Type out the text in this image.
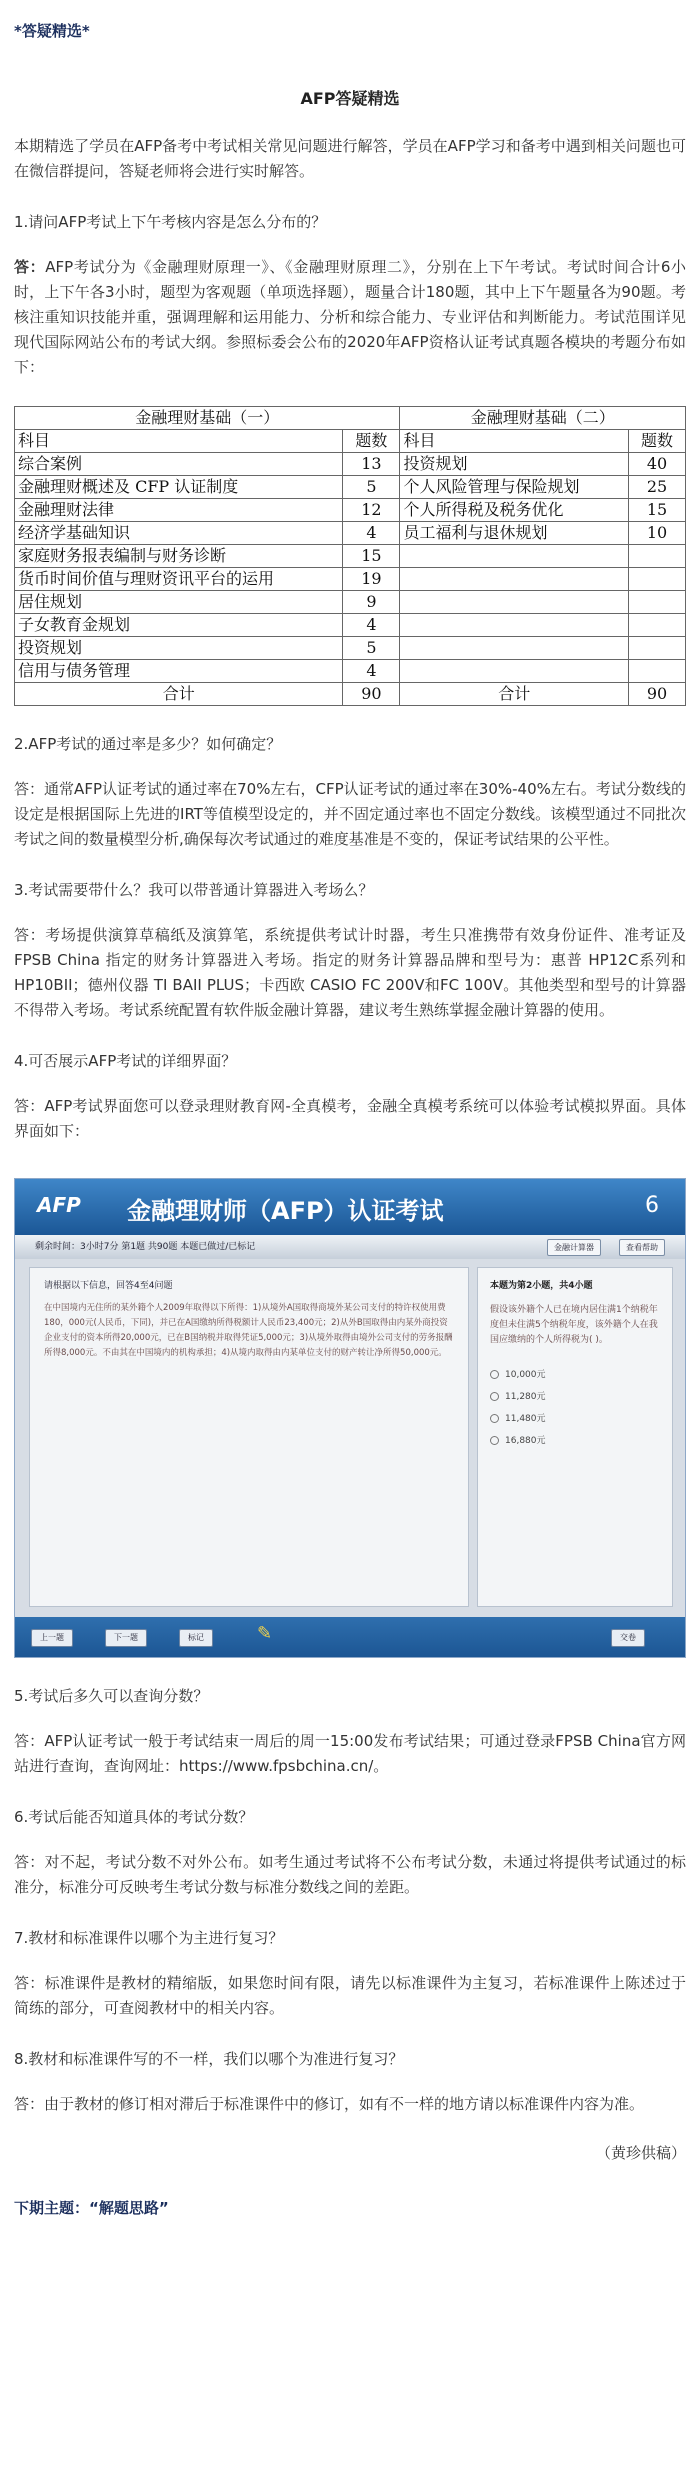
*答疑精选*
AFP答疑精选

本期精选了学员在AFP备考中考试相关常见问题进行解答，学员在AFP学习和备考中遇到相关问题也可在微信群提问，答疑老师将会进行实时解答。

1.请问AFP考试上下午考核内容是怎么分布的？

答：AFP考试分为《金融理财原理一》、《金融理财原理二》，分别在上下午考试。考试时间合计6小时，上下午各3小时，题型为客观题（单项选择题），题量合计180题，其中上下午题量各为90题。考核注重知识技能并重，强调理解和运用能力、分析和综合能力、专业评估和判断能力。考试范围详见现代国际网站公布的考试大纲。参照标委会公布的2020年AFP资格认证考试真题各模块的考题分布如下：

金融理财基础（一）		金融理财基础（二）	
科目	题数	科目	题数
综合案例	13	投资规划	40
金融理财概述及 CFP 认证制度	5	个人风险管理与保险规划	25
金融理财法律	12	个人所得税及税务优化	15
经济学基础知识	4	员工福利与退休规划	10
家庭财务报表编制与财务诊断	15		
货币时间价值与理财资讯平台的运用	19		
居住规划	9		
子女教育金规划	4		
投资规划	5		
信用与债务管理	4		
合计	90	合计	90

2.AFP考试的通过率是多少？如何确定？

答：通常AFP认证考试的通过率在70%左右，CFP认证考试的通过率在30%-40%左右。考试分数线的设定是根据国际上先进的IRT等值模型设定的，并不固定通过率也不固定分数线。该模型通过不同批次考试之间的数量模型分析,确保每次考试通过的难度基准是不变的，保证考试结果的公平性。

3.考试需要带什么？我可以带普通计算器进入考场么？

答：考场提供演算草稿纸及演算笔，系统提供考试计时器，考生只准携带有效身份证件、准考证及 FPSB China 指定的财务计算器进入考场。指定的财务计算器品牌和型号为：惠普 HP12C系列和HP10BII；德州仪器 TI BAII PLUS；卡西欧 CASIO FC 200V和FC 100V。其他类型和型号的计算器不得带入考场。考试系统配置有软件版金融计算器，建议考生熟练掌握金融计算器的使用。

4.可否展示AFP考试的详细界面？

答：AFP考试界面您可以登录理财教育网-全真模考，金融全真模考系统可以体验考试模拟界面。具体界面如下：

AFP 金融理财师（AFP）认证考试	6
剩余时间：3小时7分 第1题 共90题 本题已做过/已标记	金融计算器	查看帮助
请根据以下信息，回答4至4问题
在中国境内无住所的某外籍个人2009年取得以下所得：1)从境外A国取得商境外某公司支付的特许权使用费180，000元(人民币，下同)，并已在A国缴纳所得税额计人民币23,400元；2)从外B国取得由内某外商投资企业支付的资本所得20,000元，已在B国纳税并取得凭证5,000元；3)从境外取得由境外公司支付的劳务报酬所得8,000元。不由其在中国境内的机构承担；4)从境内取得由内某单位支付的财产转让净所得50,000元。
本题为第2小题，共4小题
假设该外籍个人已在境内居住满1个纳税年度但未住满5个纳税年度，该外籍个人在我国应缴纳的个人所得税为( )。
10,000元
11,280元
11,480元
16,880元
上一题	下一题	标记	✎	交卷

5.考试后多久可以查询分数？

答：AFP认证考试一般于考试结束一周后的周一15:00发布考试结果；可通过登录FPSB China官方网站进行查询，查询网址：https://www.fpsbchina.cn/。

6.考试后能否知道具体的考试分数？

答：对不起，考试分数不对外公布。如考生通过考试将不公布考试分数，未通过将提供考试通过的标准分，标准分可反映考生考试分数与标准分数线之间的差距。

7.教材和标准课件以哪个为主进行复习？

答：标准课件是教材的精缩版，如果您时间有限，请先以标准课件为主复习，若标准课件上陈述过于简练的部分，可查阅教材中的相关内容。

8.教材和标准课件写的不一样，我们以哪个为准进行复习？

答：由于教材的修订相对滞后于标准课件中的修订，如有不一样的地方请以标准课件内容为准。

（黄珍供稿）
下期主题：“解题思路”
